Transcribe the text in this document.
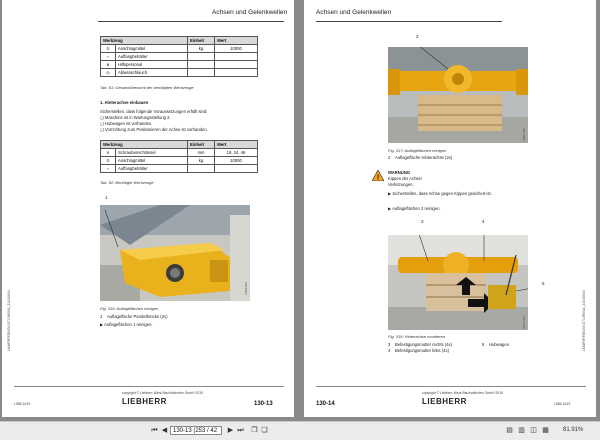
Achsen und Gelenkwellen
LMAF6RFEN0V10710R00A_21040604
Werkzeug		Einheit	Wert
①	Anschlagmittel	kg	10000
⌐	Auffangbehälter		
ⅲ	Hilfspersonal		
◎	Ablassschlauch		
Tab. 81: Gesamtübersicht der benötigten Werkzeuge
1. Hinterachse einbauen
Sicherstellen, dass folgende Voraussetzungen erfüllt sind:
❑ Maschine ist in Wartungsstellung 2.
❑ Hubwagen ist vorhanden.
❑ Vorrichtung zum Positionieren der Achse ist vorhanden.
Werkzeug		Einheit	Wert
✕	Schraubenschlüssel	mm	19, 24, 46
①	Anschlagmittel	kg	10000
⌐	Auffangbehälter		
Tab. 82: Benötigte Werkzeuge
1
0000-000
Fig. 316: Auflageflächen reinigen
1 Auflagefläche Pendelbrücke (2x)
▶ Auflageflächen 1 reinigen.
copyright © Liebherr-Werk Bischofshofen GmbH 2019
L586-1619	LIEBHERR	130-13
Achsen und Gelenkwellen
LMAF6RFEN0V10710R00A_21040604
2
0000-000
Fig. 317: Auflageflächen reinigen
2 Auflagefläche Hinterachse (2x)
!
WARNUNG
Kippen der Achse!
Verletzungen.
▶ Sicherstellen, dass Achse gegen Kippen gesichert ist.
▶ Auflageflächen 2 reinigen.
3	4
5
0000-000
Fig. 318: Hinterachse montieren
3 Befestigungsmutter rechts (4x)
4 Befestigungsmutter links (4x)
5 Hubwagen
copyright © Liebherr-Werk Bischofshofen GmbH 2019
L586-1619
LIEBHERR
130-14
⏮ ◀ 130-13 (253 / 42	▶ ⏭ ❐ ❏	▤ ▥ ◫ ▦ 81.91%
